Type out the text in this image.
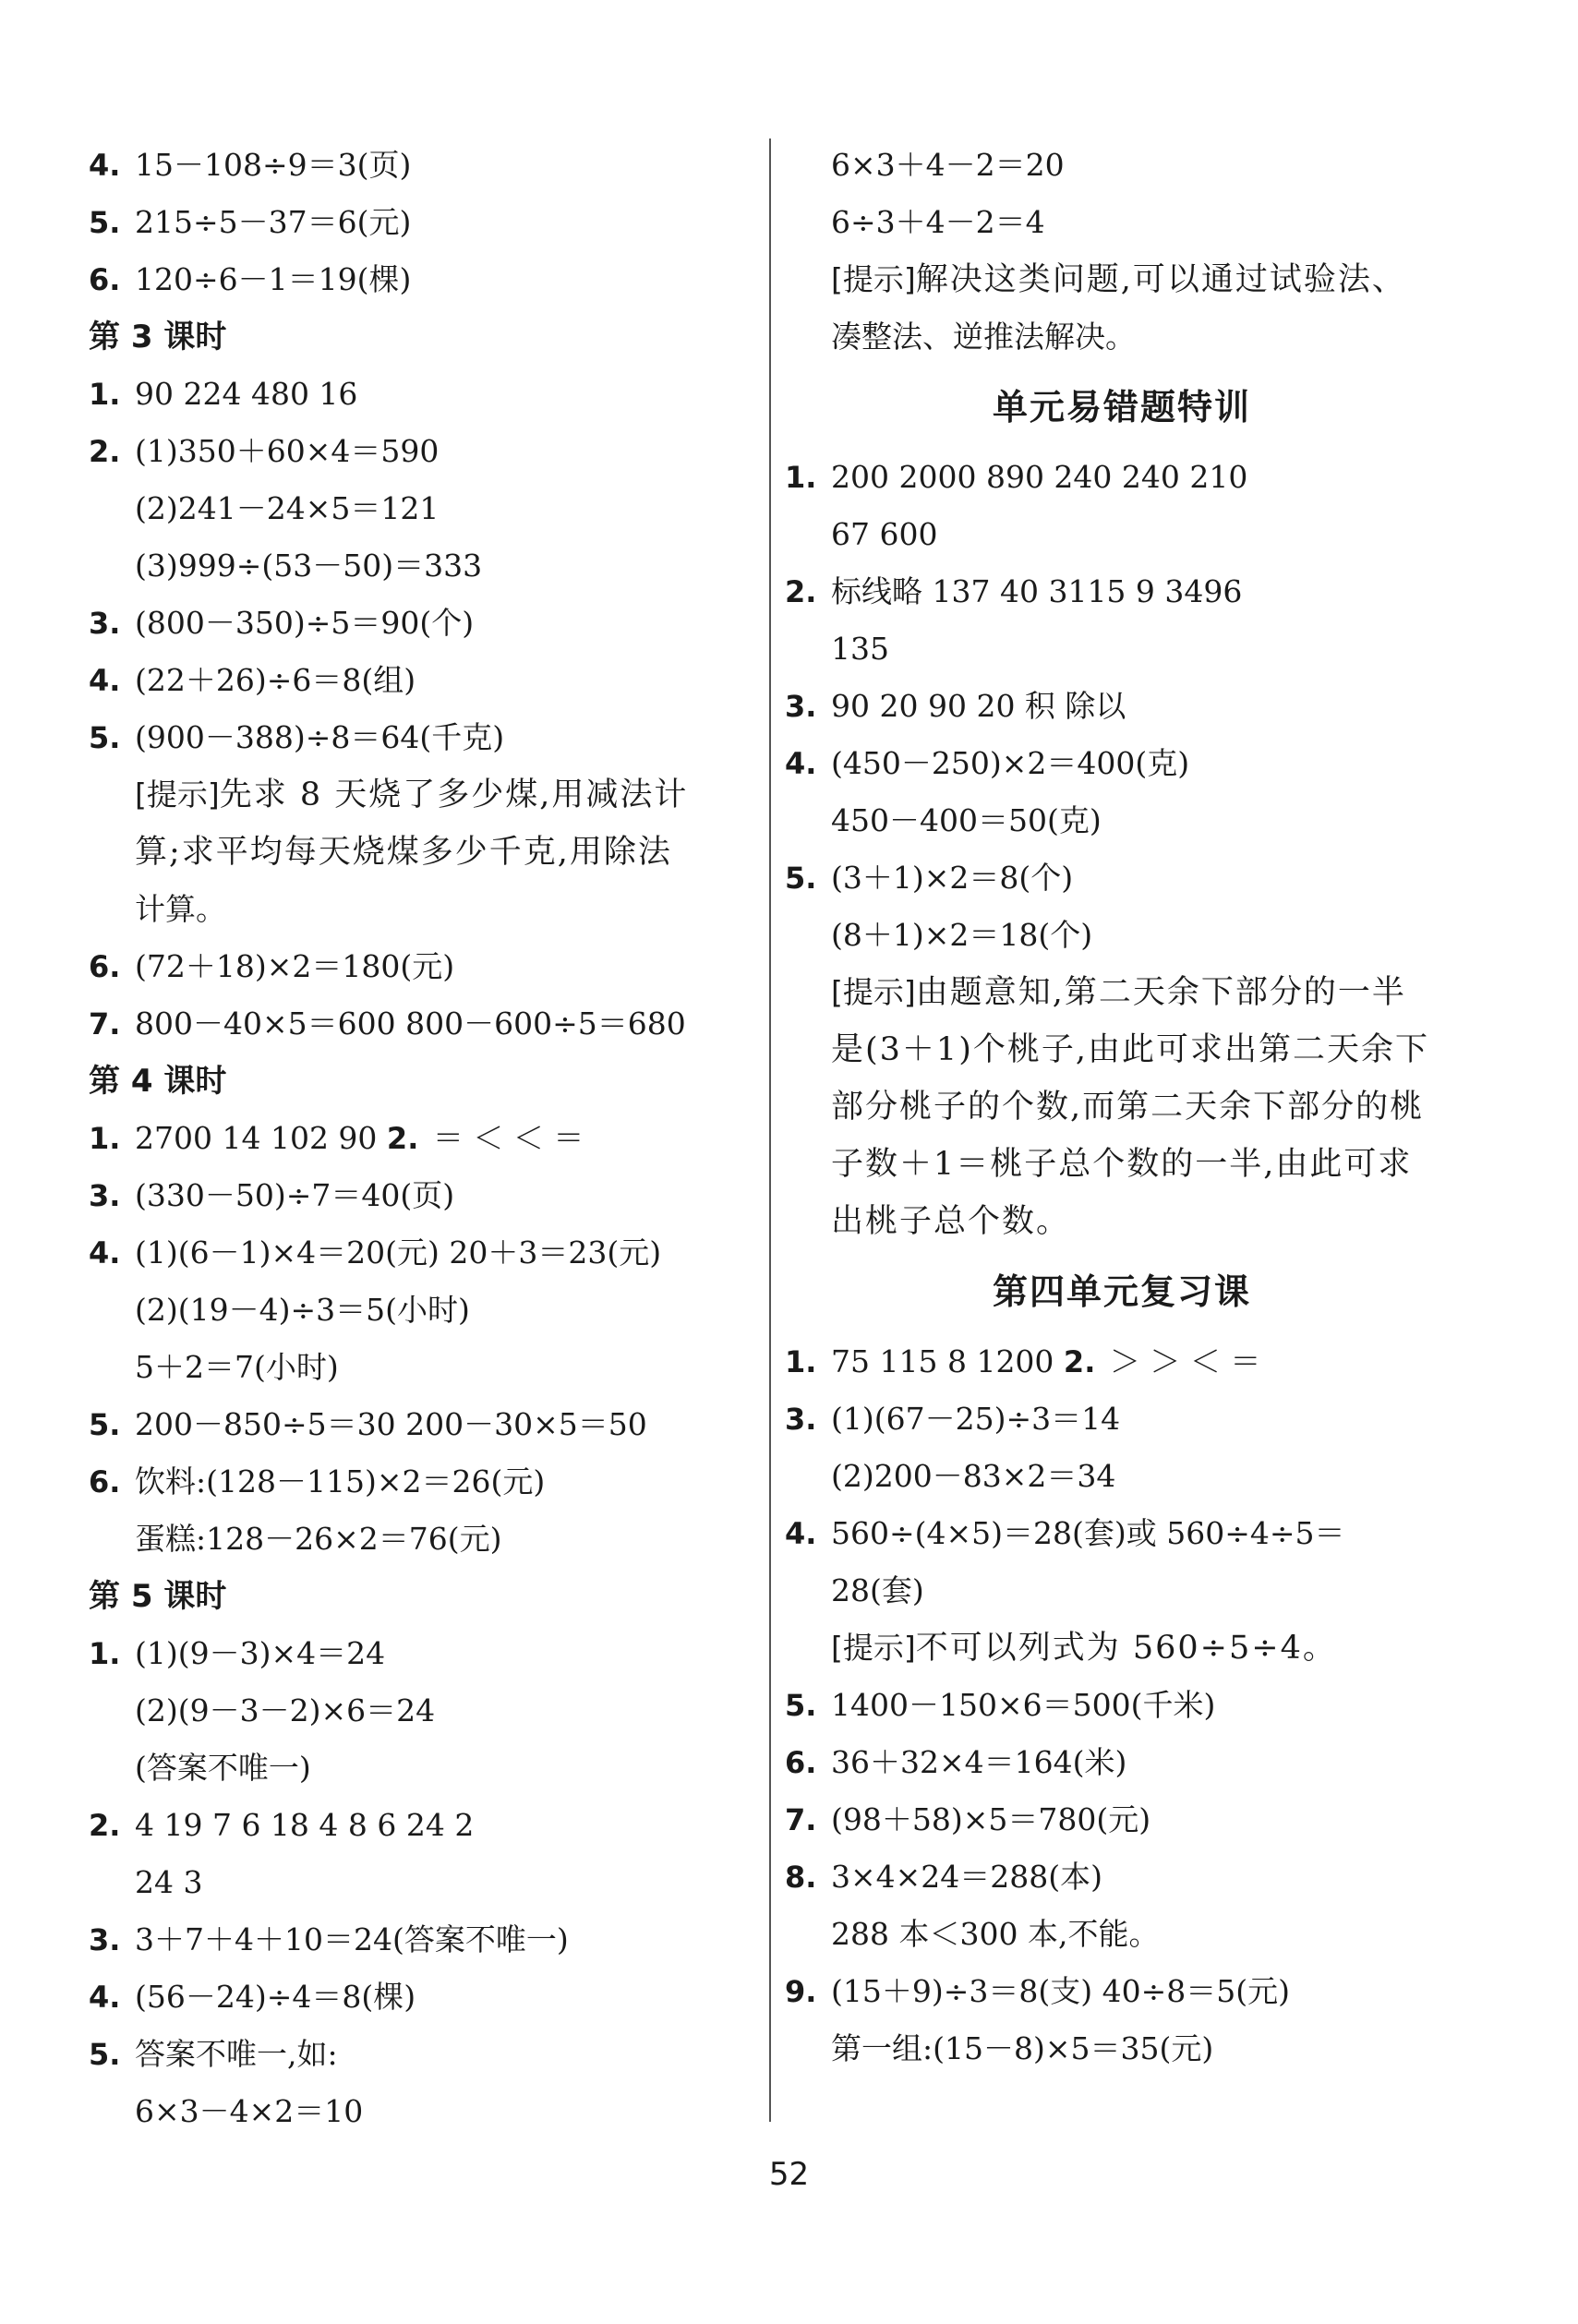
4. 15－108÷9＝3(页)
5. 215÷5－37＝6(元)
6. 120÷6－1＝19(棵)
第 3 课时
1. 90 224 480 16
2. (1)350＋60×4＝590
(2)241－24×5＝121
(3)999÷(53－50)＝333
3. (800－350)÷5＝90(个)
4. (22＋26)÷6＝8(组)
5. (900－388)÷8＝64(千克)
[提示]先求 8 天烧了多少煤,用减法计
算;求平均每天烧煤多少千克,用除法
计算。
6. (72＋18)×2＝180(元)
7. 800－40×5＝600 800－600÷5＝680
第 4 课时
1. 2700 14 102 90 2. ＝ ＜ ＜ ＝
3. (330－50)÷7＝40(页)
4. (1)(6－1)×4＝20(元) 20＋3＝23(元)
(2)(19－4)÷3＝5(小时)
5＋2＝7(小时)
5. 200－850÷5＝30 200－30×5＝50
6. 饮料:(128－115)×2＝26(元)
蛋糕:128－26×2＝76(元)
第 5 课时
1. (1)(9－3)×4＝24
(2)(9－3－2)×6＝24
(答案不唯一)
2. 4 19 7 6 18 4 8 6 24 2
24 3
3. 3＋7＋4＋10＝24(答案不唯一)
4. (56－24)÷4＝8(棵)
5. 答案不唯一,如:
6×3－4×2＝10
6×3＋4－2＝20
6÷3＋4－2＝4
[提示]解决这类问题,可以通过试验法、
凑整法、逆推法解决。
单元易错题特训
1. 200 2000 890 240 240 210
67 600
2. 标线略 137 40 3115 9 3496
135
3. 90 20 90 20 积 除以
4. (450－250)×2＝400(克)
450－400＝50(克)
5. (3＋1)×2＝8(个)
(8＋1)×2＝18(个)
[提示]由题意知,第二天余下部分的一半
是(3＋1)个桃子,由此可求出第二天余下
部分桃子的个数,而第二天余下部分的桃
子数＋1＝桃子总个数的一半,由此可求
出桃子总个数。
第四单元复习课
1. 75 115 8 1200 2. ＞ ＞ ＜ ＝
3. (1)(67－25)÷3＝14
(2)200－83×2＝34
4. 560÷(4×5)＝28(套)或 560÷4÷5＝
28(套)
[提示]不可以列式为 560÷5÷4。
5. 1400－150×6＝500(千米)
6. 36＋32×4＝164(米)
7. (98＋58)×5＝780(元)
8. 3×4×24＝288(本)
288 本＜300 本,不能。
9. (15＋9)÷3＝8(支) 40÷8＝5(元)
第一组:(15－8)×5＝35(元)
52
